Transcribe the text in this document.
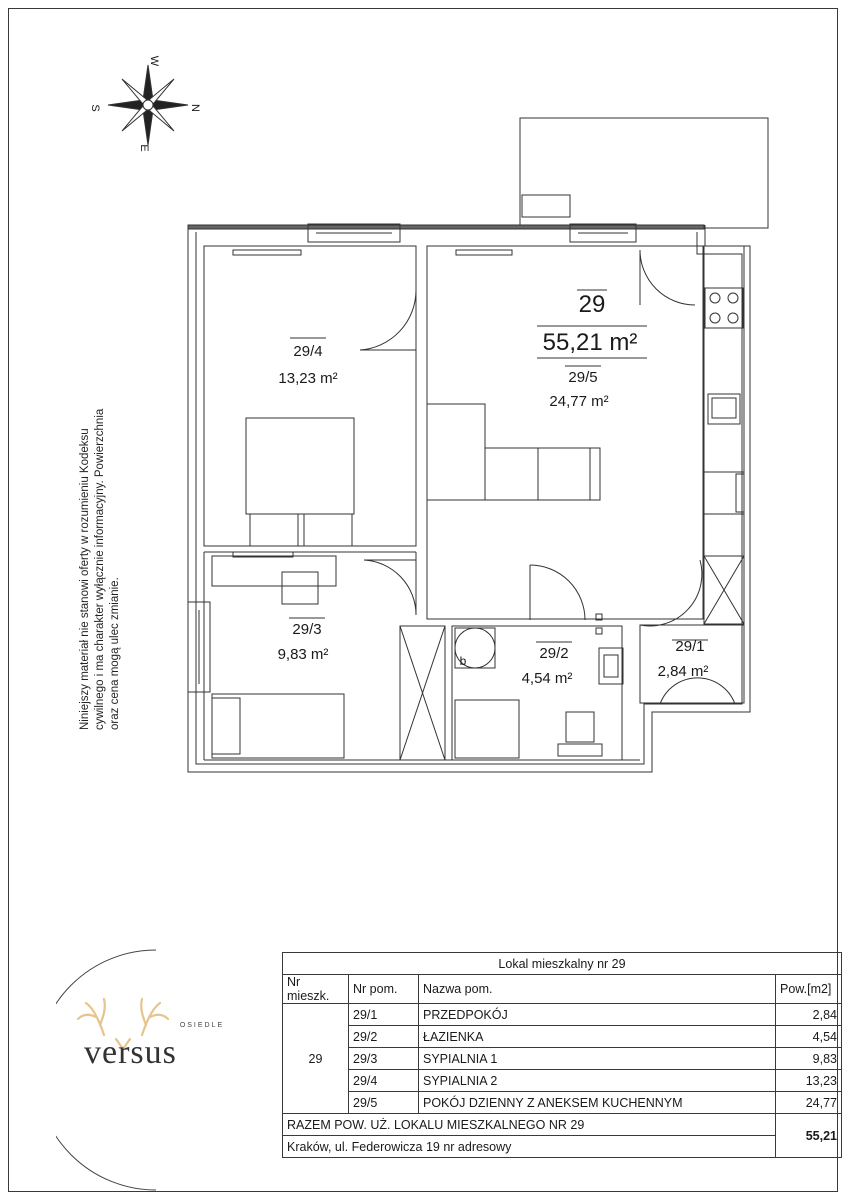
W
S	N
E
29
55,21 m²
29/4
13,23 m²	29/5
24,77 m²
29/3
9,83 m²	29/2
4,54 m²
29/1
2,84 m²
b
Niniejszy materiał nie stanowi oferty w rozumieniu Kodeksu cywilnego i ma charakter wyłącznie informacyjny. Powierzchnia oraz cena mogą ulec zmianie.
OSIEDLE
versus
Lokal mieszkalny nr 29			
Nr mieszk.	Nr pom.	Nazwa pom.	Pow.[m2]
29	29/1	PRZEDPOKÓJ	2,84
	29/2	ŁAZIENKA	4,54
	29/3	SYPIALNIA 1	9,83
	29/4	SYPIALNIA 2	13,23
	29/5	POKÓJ DZIENNY Z ANEKSEM KUCHENNYM	24,77
RAZEM POW. UŻ. LOKALU MIESZKALNEGO NR 29			55,21
Kraków, ul. Federowicza 19 nr adresowy			
